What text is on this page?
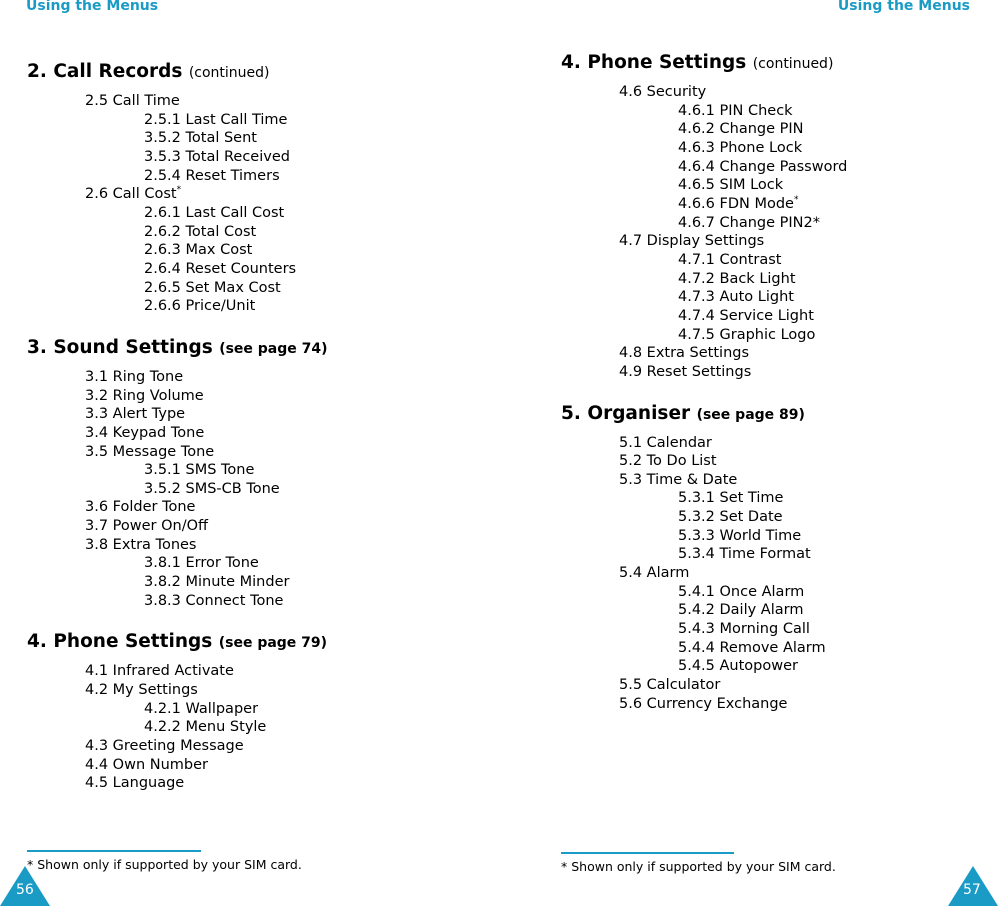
Using the Menus	Using the Menus
2. Call Records (continued)
2.5 Call Time
2.5.1 Last Call Time
3.5.2 Total Sent
3.5.3 Total Received
2.5.4 Reset Timers
2.6 Call Cost*
2.6.1 Last Call Cost
2.6.2 Total Cost
2.6.3 Max Cost
2.6.4 Reset Counters
2.6.5 Set Max Cost
2.6.6 Price/Unit
3. Sound Settings (see page 74)
3.1 Ring Tone
3.2 Ring Volume
3.3 Alert Type
3.4 Keypad Tone
3.5 Message Tone
3.5.1 SMS Tone
3.5.2 SMS-CB Tone
3.6 Folder Tone
3.7 Power On/Off
3.8 Extra Tones
3.8.1 Error Tone
3.8.2 Minute Minder
3.8.3 Connect Tone
4. Phone Settings (see page 79)
4.1 Infrared Activate
4.2 My Settings
4.2.1 Wallpaper
4.2.2 Menu Style
4.3 Greeting Message
4.4 Own Number
4.5 Language
4. Phone Settings (continued)
4.6 Security
4.6.1 PIN Check
4.6.2 Change PIN
4.6.3 Phone Lock
4.6.4 Change Password
4.6.5 SIM Lock
4.6.6 FDN Mode*
4.6.7 Change PIN2*
4.7 Display Settings
4.7.1 Contrast
4.7.2 Back Light
4.7.3 Auto Light
4.7.4 Service Light
4.7.5 Graphic Logo
4.8 Extra Settings
4.9 Reset Settings
5. Organiser (see page 89)
5.1 Calendar
5.2 To Do List
5.3 Time & Date
5.3.1 Set Time
5.3.2 Set Date
5.3.3 World Time
5.3.4 Time Format
5.4 Alarm
5.4.1 Once Alarm
5.4.2 Daily Alarm
5.4.3 Morning Call
5.4.4 Remove Alarm
5.4.5 Autopower
5.5 Calculator
5.6 Currency Exchange
* Shown only if supported by your SIM card.	* Shown only if supported by your SIM card.
56	57
